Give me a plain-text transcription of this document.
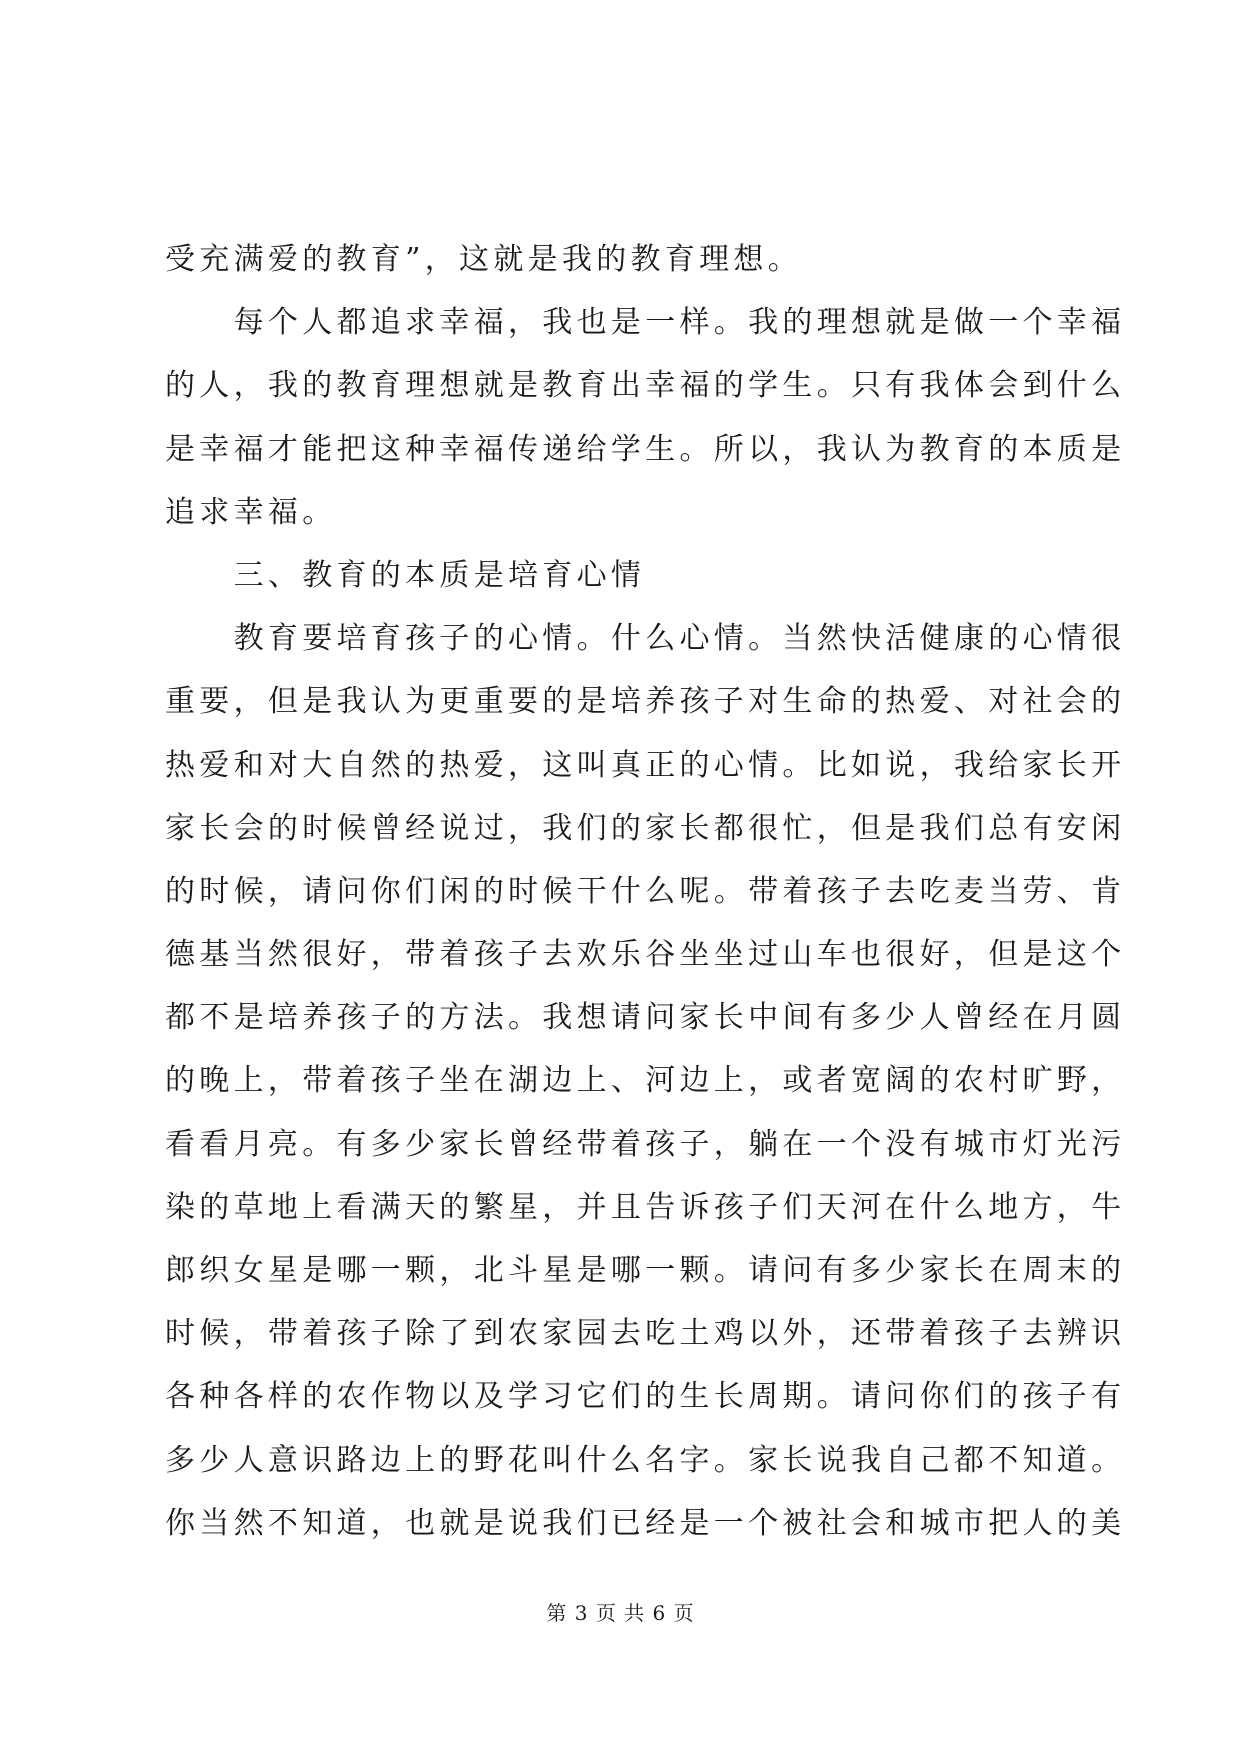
受充满爱的教育”，这就是我的教育理想。
　　每个人都追求幸福，我也是一样。我的理想就是做一个幸福
的人，我的教育理想就是教育出幸福的学生。只有我体会到什么
是幸福才能把这种幸福传递给学生。所以，我认为教育的本质是
追求幸福。
　　三、教育的本质是培育心情
　　教育要培育孩子的心情。什么心情。当然快活健康的心情很
重要，但是我认为更重要的是培养孩子对生命的热爱、对社会的
热爱和对大自然的热爱，这叫真正的心情。比如说，我给家长开
家长会的时候曾经说过，我们的家长都很忙，但是我们总有安闲
的时候，请问你们闲的时候干什么呢。带着孩子去吃麦当劳、肯
德基当然很好，带着孩子去欢乐谷坐坐过山车也很好，但是这个
都不是培养孩子的方法。我想请问家长中间有多少人曾经在月圆
的晚上，带着孩子坐在湖边上、河边上，或者宽阔的农村旷野，
看看月亮。有多少家长曾经带着孩子，躺在一个没有城市灯光污
染的草地上看满天的繁星，并且告诉孩子们天河在什么地方，牛
郎织女星是哪一颗，北斗星是哪一颗。请问有多少家长在周末的
时候，带着孩子除了到农家园去吃土鸡以外，还带着孩子去辨识
各种各样的农作物以及学习它们的生长周期。请问你们的孩子有
多少人意识路边上的野花叫什么名字。家长说我自己都不知道。
你当然不知道，也就是说我们已经是一个被社会和城市把人的美
第 3 页 共 6 页
